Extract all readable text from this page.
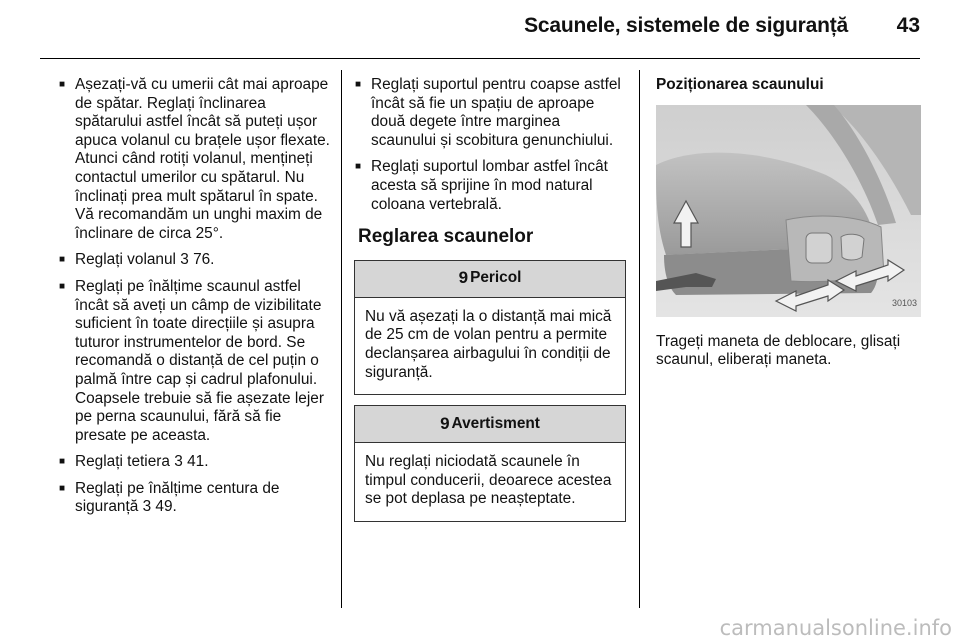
Scaunele, sistemele de siguranță 43
■ Așezați-vă cu umerii cât mai aproape de spătar. Reglați înclinarea spătarului astfel încât să puteți ușor apuca volanul cu brațele ușor flexate. Atunci când rotiți volanul, mențineți contactul umerilor cu spătarul. Nu înclinați prea mult spătarul în spate. Vă recomandăm un unghi maxim de înclinare de circa 25°.
■ Reglați volanul 3 76.
■ Reglați pe înălțime scaunul astfel încât să aveți un câmp de vizibilitate suficient în toate direcțiile și asupra tuturor instrumentelor de bord. Se recomandă o distanță de cel puțin o palmă între cap și cadrul plafonului. Coapsele trebuie să fie așezate lejer pe perna scaunului, fără să fie presate pe aceasta.
■ Reglați tetiera 3 41.
■ Reglați pe înălțime centura de siguranță 3 49.
■ Reglați suportul pentru coapse astfel încât să fie un spațiu de aproape două degete între marginea scaunului și scobitura genunchiului.
■ Reglați suportul lombar astfel încât acesta să sprijine în mod natural coloana vertebrală.
Reglarea scaunelor
9 Pericol
Nu vă așezați la o distanță mai mică de 25 cm de volan pentru a permite declanșarea airbagului în condiții de siguranță.
9 Avertisment
Nu reglați niciodată scaunele în timpul conducerii, deoarece acestea se pot deplasa pe neașteptate.
Poziționarea scaunului
30103
Trageți maneta de deblocare, glisați scaunul, eliberați maneta.
carmanualsonline.info
